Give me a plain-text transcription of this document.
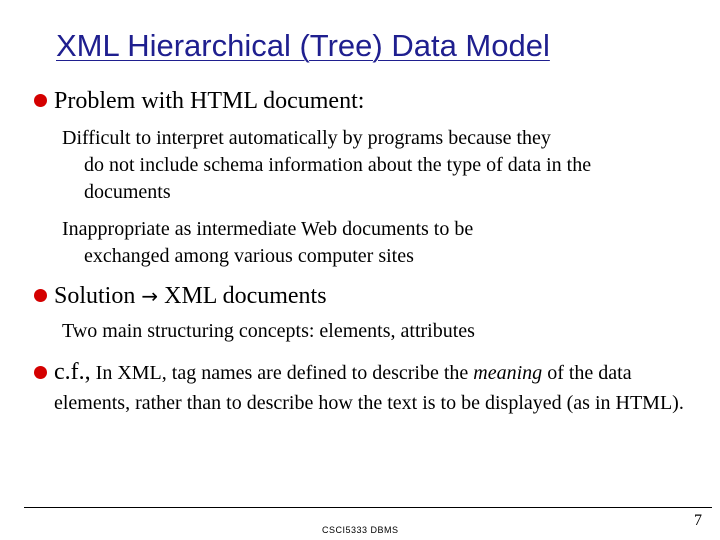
XML Hierarchical (Tree) Data Model
Problem with HTML document:
Difficult to interpret automatically by programs because they
do not include schema information about the type of data in the documents
Inappropriate as intermediate Web documents to be
exchanged among various computer sites
Solution → XML documents
Two main structuring concepts: elements, attributes
c.f., In XML, tag names are defined to describe the meaning of the data elements, rather than to describe how the text is to be displayed (as in HTML).
CSCI5333 DBMS
7
